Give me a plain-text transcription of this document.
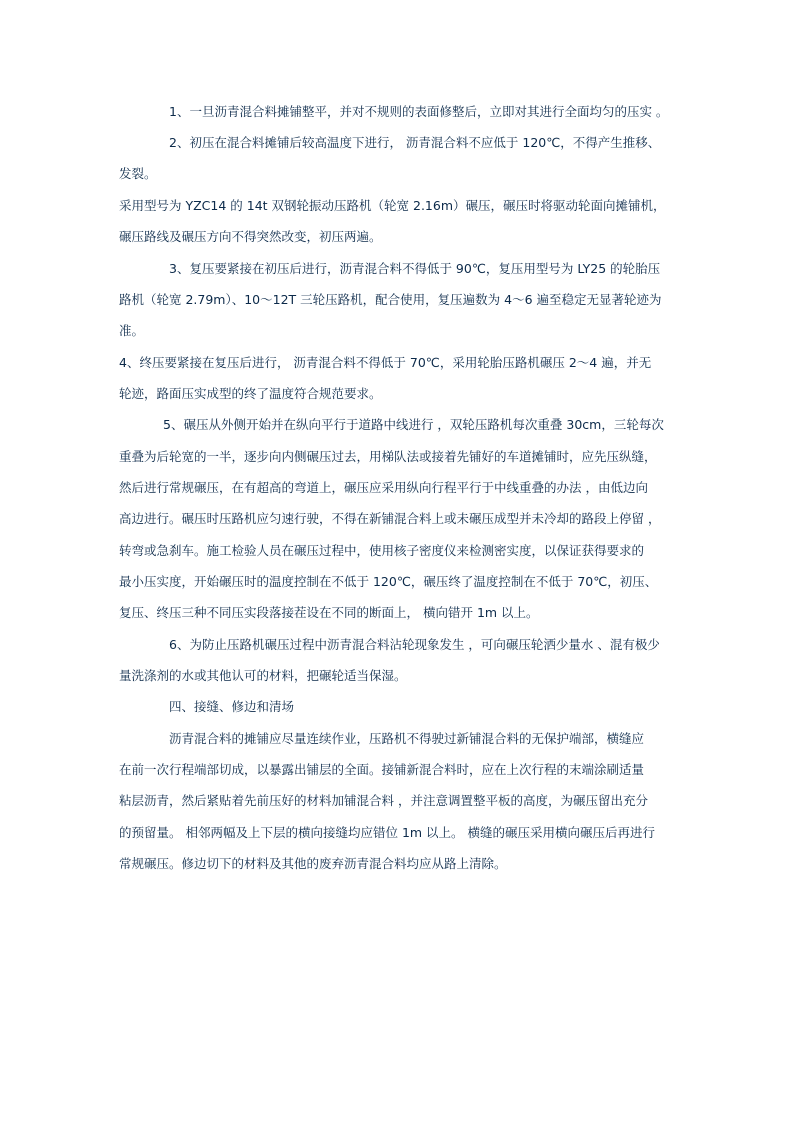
1、一旦沥青混合料摊铺整平，并对不规则的表面修整后，立即对其进行全面均匀的压实 。
2、初压在混合料摊铺后较高温度下进行， 沥青混合料不应低于 120℃，不得产生推移、
发裂。
采用型号为 YZC14 的 14t 双钢轮振动压路机（轮宽 2.16m）碾压，碾压时将驱动轮面向摊铺机，
碾压路线及碾压方向不得突然改变，初压两遍。
3、复压要紧接在初压后进行，沥青混合料不得低于 90℃，复压用型号为 LY25 的轮胎压
路机（轮宽 2.79m）、10～12T 三轮压路机，配合使用，复压遍数为 4～6 遍至稳定无显著轮迹为
准。
4、终压要紧接在复压后进行， 沥青混合料不得低于 70℃，采用轮胎压路机碾压 2～4 遍，并无
轮迹，路面压实成型的终了温度符合规范要求。
5、碾压从外侧开始并在纵向平行于道路中线进行 ，双轮压路机每次重叠 30cm，三轮每次
重叠为后轮宽的一半，逐步向内侧碾压过去，用梯队法或接着先铺好的车道摊铺时，应先压纵缝，
然后进行常规碾压，在有超高的弯道上，碾压应采用纵向行程平行于中线重叠的办法 ，由低边向
高边进行。碾压时压路机应匀速行驶，不得在新铺混合料上或未碾压成型并未冷却的路段上停留 ，
转弯或急刹车。施工检验人员在碾压过程中，使用核子密度仪来检测密实度，以保证获得要求的
最小压实度，开始碾压时的温度控制在不低于 120℃，碾压终了温度控制在不低于 70℃，初压、
复压、终压三种不同压实段落接茬设在不同的断面上， 横向错开 1m 以上。
6、为防止压路机碾压过程中沥青混合料沾轮现象发生 ，可向碾压轮洒少量水 、混有极少
量洗涤剂的水或其他认可的材料，把碾轮适当保湿。
四、接缝、修边和清场
沥青混合料的摊铺应尽量连续作业，压路机不得驶过新铺混合料的无保护端部，横缝应
在前一次行程端部切成，以暴露出铺层的全面。接铺新混合料时，应在上次行程的末端涂刷适量
粘层沥青，然后紧贴着先前压好的材料加铺混合料 ，并注意调置整平板的高度，为碾压留出充分
的预留量。 相邻两幅及上下层的横向接缝均应错位 1m 以上。 横缝的碾压采用横向碾压后再进行
常规碾压。修边切下的材料及其他的废弃沥青混合料均应从路上清除。
